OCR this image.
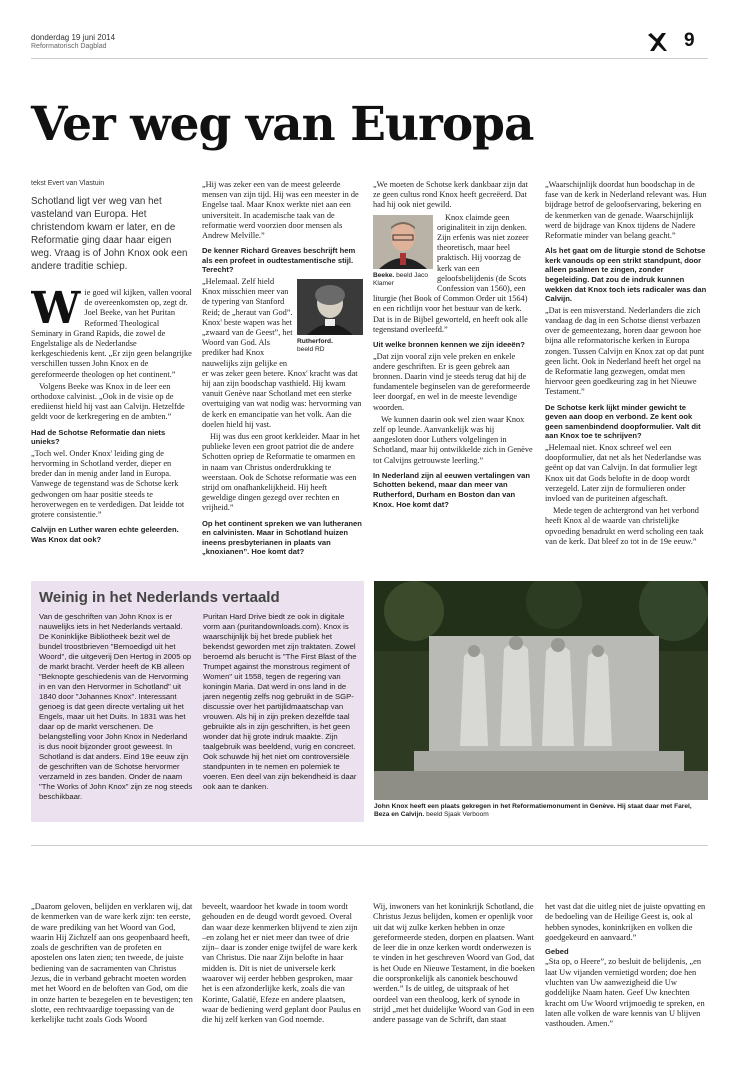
donderdag 19 juni 2014
Reformatorisch Dagblad	9
Ver weg van Europa
tekst Evert van Vlastuin
Schotland ligt ver weg van het vasteland van Europa. Het christendom kwam er later, en de Reformatie ging daar haar eigen weg. Vraag is of John Knox ook een andere traditie schiep.
W ie goed wil kijken, vallen vooral de overeenkomsten op, zegt dr. Joel Beeke, van het Puritan Reformed Theological Seminary in Grand Rapids, die zowel de Engelstalige als de Nederlandse kerkgeschiedenis kent. „Er zijn geen belangrijke verschillen tussen John Knox en de gereformeerde theologen op het continent.”

Volgens Beeke was Knox in de leer een orthodoxe calvinist. „Ook in de visie op de erediienst hield hij vast aan Calvijn. Hetzelfde geldt voor de kerkregering en de ambten.”

Had de Schotse Reformatie dan niets unieks?

„Toch wel. Onder Knox' leiding ging de hervorming in Schotland verder, dieper en breder dan in menig ander land in Europa. Vanwege de tegenstand was de Schotse kerk gedwongen om haar positie steeds te heroverwegen en te verdedigen. Dat leidde tot grotere consistentie.”

Calvijn en Luther waren echte geleerden. Was Knox dat ook?

„Hij was zeker een van de meest geleerde mensen van zijn tijd. Hij was een meester in de Engelse taal. Maar Knox werkte niet aan een universiteit. In academische taak van de reformatie werd voorzien door mensen als Andrew Melville.”

De kenner Richard Greaves beschrijft hem als een profeet in oudtestamentische stijl. Terecht?

Rutherford.
beeld RD

„Helemaal. Zelf hield Knox misschien meer van de typering van Stanford Reid; de „heraut van God”. Knox' beste wapen was het „zwaard van de Geest”, het Woord van God. Als prediker had Knox nauwelijks zijn gelijke en er was zeker geen betere. Knox' kracht was dat hij aan zijn boodschap vasthield. Hij kwam vanuit Genève naar Schotland met een sterke overtuiging van wat nodig was: hervorming van de kerk en emancipatie van het volk. Aan die doelen hield hij vast.

Hij was dus een groot kerkleider. Maar in het publieke leven een groot patriot die de andere Schotten opriep de Reformatie te omarmen en in naam van Christus onderdrukking te weerstaan. Ook de Schotse reformatie was een strijd om onafhankelijkheid. Hij heeft geweldige dingen gezegd over rechten en vrijheid.”

Op het continent spreken we van lutheranen en calvinisten. Maar in Schotland huizen ineens presbyterianen in plaats van „knoxianen”. Hoe komt dat?

„We moeten de Schotse kerk dankbaar zijn dat ze geen cultus rond Knox heeft gecreëerd. Dat had hij ook niet gewild.

Beeke. beeld Jaco Klamer

Knox claimde geen originaliteit in zijn denken. Zijn erfenis was niet zozeer theoretisch, maar heel praktisch. Hij voorzag de kerk van een geloofsbelijdenis (de Scots Confession van 1560), een liturgie (het Book of Common Order uit 1564) en een richtlijn voor het bestuur van de kerk. Dat is in de Bijbel geworteld, en heeft ook alle tegenstand overleefd.”

Uit welke bronnen kennen we zijn ideeën?

„Dat zijn vooral zijn vele preken en enkele andere geschriften. Er is geen gebrek aan bronnen. Daarin vind je steeds terug dat hij de fundamentele beginselen van de gereformeerde leer doorgaf, en wel in de meeste levendige woorden.

We kunnen daarin ook wel zien waar Knox zelf op leunde. Aanvankelijk was hij aangesloten door Luthers volgelingen in Schotland, maar hij ontwikkelde zich in Genève tot Calvijns getrouwste leerling.”

In Nederland zijn al eeuwen vertalingen van Schotten bekend, maar dan meer van Rutherford, Durham en Boston dan van Knox. Hoe komt dat?

„Waarschijnlijk doordat hun boodschap in de fase van de kerk in Nederland relevant was. Hun bijdrage betrof de geloofservaring, bekering en de kenmerken van de genade. Waarschijnlijk werd de bijdrage van Knox tijdens de Nadere Reformatie minder van belang geacht.”

Als het gaat om de liturgie stond de Schotse kerk vanouds op een strikt standpunt, door alleen psalmen te zingen, zonder begeleiding. Dat zou de indruk kunnen wekken dat Knox toch iets radicaler was dan Calvijn.

„Dat is een misverstand. Nederlanders die zich vandaag de dag in een Schotse dienst verbazen over de gemeentezang, horen daar gewoon hoe bijna alle reformatorische kerken in Europa zongen. Tussen Calvijn en Knox zat op dat punt geen licht. Ook in Nederland heeft het orgel na de Reformatie lang gezwegen, omdat men hiervoor geen goedkeuring zag in het Nieuwe Testament.”

De Schotse kerk lijkt minder gewicht te geven aan doop en verbond. Ze kent ook geen samenbindend doopformulier. Valt dit aan Knox toe te schrijven?

„Helemaal niet. Knox schreef wel een doopformulier, dat net als het Nederlandse was geënt op dat van Calvijn. In dat formulier legt Knox uit dat Gods belofte in de doop wordt verzegeld. Later zijn de formulieren onder invloed van de puriteinen afgeschaft.

Mede tegen de achtergrond van het verbond heeft Knox al de waarde van christelijke opvoeding benadrukt en werd scholing een taak van de kerk. Dat bleef zo tot in de 19e eeuw.”

Weinig in het Nederlands vertaald
Van de geschriften van John Knox is er nauwelijks iets in het Nederlands vertaald. De Koninklijke Bibliotheek bezit wel de bundel troostbrieven "Bemoedigd uit het Woord", die uitgeverij Den Hertog in 2005 op de markt bracht. Verder heeft de KB alleen "Beknopte geschiedenis van de Hervorming in en van den Hervormer in Schotland" uit 1840 door "Johannes Knox". Interessant genoeg is dat geen directe vertaling uit het Engels, maar uit het Duits. In 1831 was het daar op de markt verschenen. De belangstelling voor John Knox in Nederland is dus nooit bijzonder groot geweest. In Schotland is dat anders. Eind 19e eeuw zijn de geschriften van de Schotse hervormer verzameld in zes banden. Onder de naam "The Works of John Knox" zijn ze nog steeds beschikbaar.
Puritan Hard Drive biedt ze ook in digitale vorm aan (puritandownloads.com). Knox is waarschijnlijk bij het brede publiek het bekendst geworden met zijn traktaten. Zowel beroemd als berucht is "The First Blast of the Trumpet against the monstrous regiment of Women" uit 1558, tegen de regering van koningin Maria. Dat werd in ons land in de jaren negentig zelfs nog gebruikt in de SGP-discussie over het partijlidmaatschap van vrouwen. Als hij in zijn preken dezelfde taal gebruikte als in zijn geschriften, is het geen wonder dat hij grote indruk maakte. Zijn taalgebruik was beeldend, vurig en concreet. Ook schuwde hij het niet om controversiële standpunten in te nemen en polemiek te voeren. Een deel van zijn bekendheid is daar ook aan te danken.
John Knox heeft een plaats gekregen in het Reformatiemonument in Genève. Hij staat daar met Farel, Beza en Calvijn. beeld Sjaak Verboom
„Daarom geloven, belijden en verklaren wij, dat de kenmerken van de ware kerk zijn: ten eerste, de ware prediking van het Woord van God, waarin Hij Zichzelf aan ons geopenbaard heeft, zoals de geschriften van de profeten en apostelen ons laten zien; ten tweede, de juiste bediening van de sacramenten van Christus Jezus, die in verband gebracht moeten worden met het Woord en de beloften van God, om die in onze harten te bezegelen en te bevestigen; ten slotte, een rechtvaardige toepassing van de kerkelijke tucht zoals Gods Woord
beveelt, waardoor het kwade in toom wordt gehouden en de deugd wordt gevoed. Overal dan waar deze kenmerken blijvend te zien zijn –en zolang het er niet meer dan twee of drie zijn– daar is zonder enige twijfel de ware kerk van Christus. Die naar Zijn belofte in haar midden is. Dit is niet de universele kerk waarover wij eerder hebben gesproken, maar het is een afzonderlijke kerk, zoals die van Korinte, Galatië, Efeze en andere plaatsen, waar de bediening werd geplant door Paulus en die hij zelf kerken van God noemde.
Wij, inwoners van het koninkrijk Schotland, die Christus Jezus belijden, komen er openlijk voor uit dat wij zulke kerken hebben in onze gereformeerde steden, dorpen en plaatsen. Want de leer die in onze kerken wordt onderwezen is te vinden in het geschreven Woord van God, dat is het Oude en Nieuwe Testament, in die boeken die oorspronkelijk als canoniek beschouwd werden.” Is de uitleg, de uitspraak of het oordeel van een theoloog, kerk of synode in strijd „met het duidelijke Woord van God in een andere passage van de Schrift, dan staat

het vast dat die uitleg niet de juiste opvatting en de bedoeling van de Heilige Geest is, ook al hebben synodes, koninkrijken en volken die goedgekeurd en aanvaard.”

Gebed

„Sta op, o Heere”, zo besluit de belijdenis, „en laat Uw vijanden vernietigd worden; doe hen vluchten van Uw aanwezigheid die Uw goddelijke Naam haten. Geef Uw knechten kracht om Uw Woord vrijmoedig te spreken, en laten alle volken de ware kennis van U blijven vasthouden. Amen.”
